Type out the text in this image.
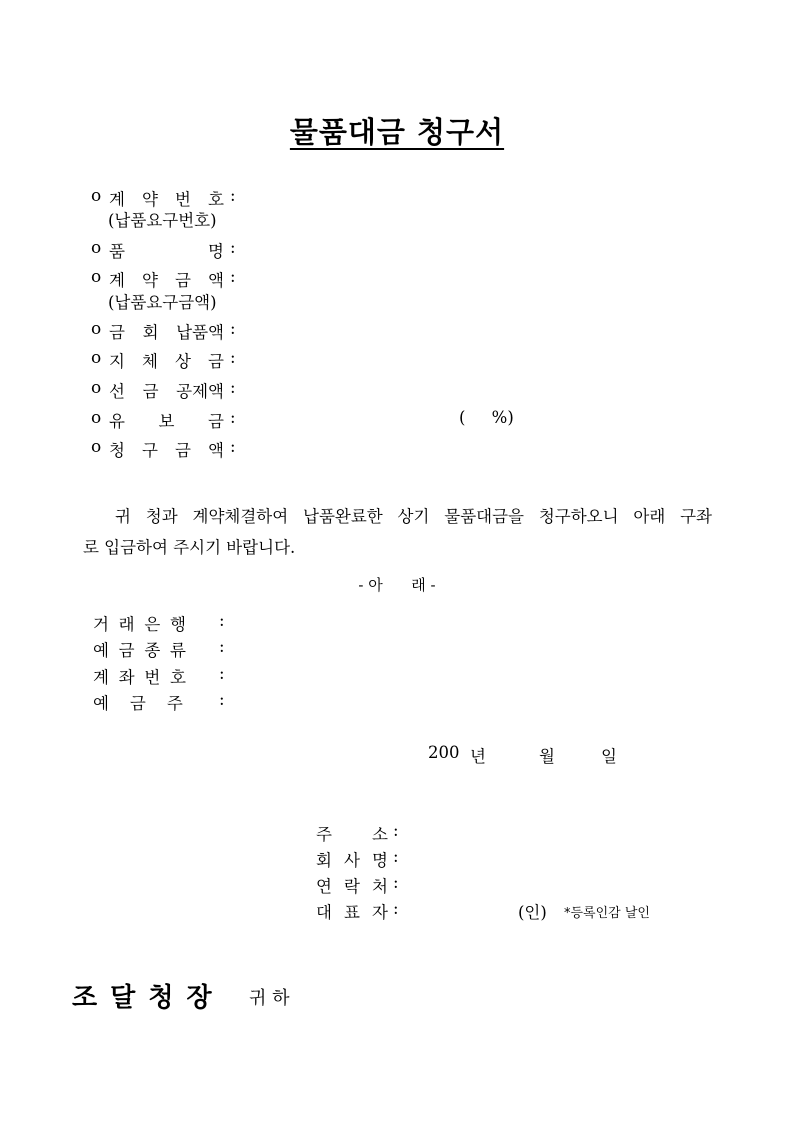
물품대금 청구서
o 계 약 번 호 :
(납품요구번호)
o 품 명 :
o 계 약 금 액 :
(납품요구금액)
o 금 회 납품액 :
o 지 체 상 금 :
o 선 금 공제액 :
o 유 보 금 :	(     %)
o 청 구 금 액 :
귀 청과 계약체결하여 납품완료한 상기 물품대금을 청구하오니 아래 구좌
로 입금하여 주시기 바랍니다.
- 아      래 -
거 래 은 행 :
예 금 종 류 :
계 좌 번 호 :
예    금    주 :
200 년	월	일
주      소 :
회 사 명 :
연 락 처 :
대 표 자 :	(인) *등록인감 날인
조 달 청 장 귀 하
